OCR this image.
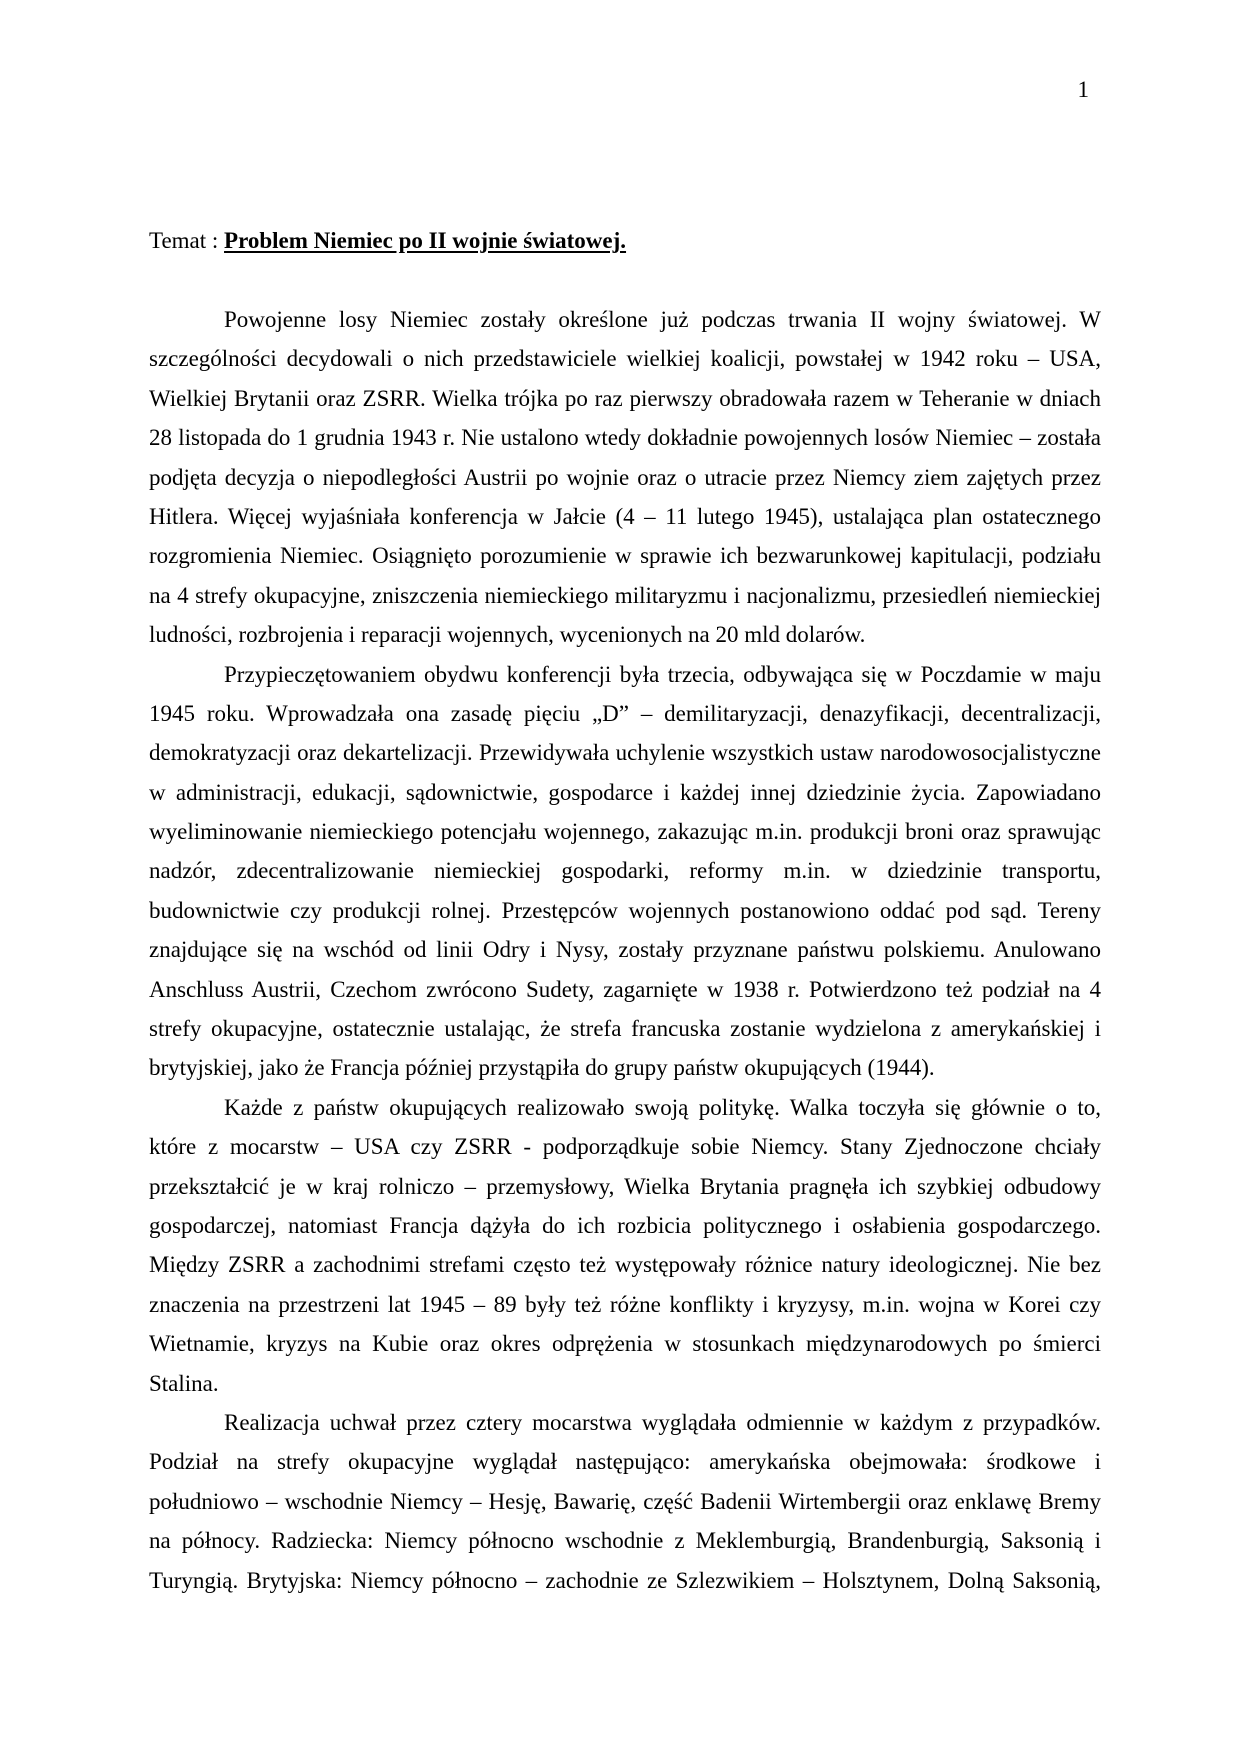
1
Temat : Problem Niemiec po II wojnie światowej.
Powojenne losy Niemiec zostały określone już podczas trwania II wojny światowej. W
szczególności decydowali o nich przedstawiciele wielkiej koalicji, powstałej w 1942 roku – USA,
Wielkiej Brytanii oraz ZSRR. Wielka trójka po raz pierwszy obradowała razem w Teheranie w dniach
28 listopada do 1 grudnia 1943 r. Nie ustalono wtedy dokładnie powojennych losów Niemiec – została
podjęta decyzja o niepodległości Austrii po wojnie oraz o utracie przez Niemcy ziem zajętych przez
Hitlera. Więcej wyjaśniała konferencja w Jałcie (4 – 11 lutego 1945), ustalająca plan ostatecznego
rozgromienia Niemiec. Osiągnięto porozumienie w sprawie ich bezwarunkowej kapitulacji, podziału
na 4 strefy okupacyjne, zniszczenia niemieckiego militaryzmu i nacjonalizmu, przesiedleń niemieckiej
ludności, rozbrojenia i reparacji wojennych, wycenionych na 20 mld dolarów.
Przypieczętowaniem obydwu konferencji była trzecia, odbywająca się w Poczdamie w maju
1945 roku. Wprowadzała ona zasadę pięciu „D” – demilitaryzacji, denazyfikacji, decentralizacji,
demokratyzacji oraz dekartelizacji. Przewidywała uchylenie wszystkich ustaw narodowosocjalistyczne
w administracji, edukacji, sądownictwie, gospodarce i każdej innej dziedzinie życia. Zapowiadano
wyeliminowanie niemieckiego potencjału wojennego, zakazując m.in. produkcji broni oraz sprawując
nadzór, zdecentralizowanie niemieckiej gospodarki, reformy m.in. w dziedzinie transportu,
budownictwie czy produkcji rolnej. Przestępców wojennych postanowiono oddać pod sąd. Tereny
znajdujące się na wschód od linii Odry i Nysy, zostały przyznane państwu polskiemu. Anulowano
Anschluss Austrii, Czechom zwrócono Sudety, zagarnięte w 1938 r. Potwierdzono też podział na 4
strefy okupacyjne, ostatecznie ustalając, że strefa francuska zostanie wydzielona z amerykańskiej i
brytyjskiej, jako że Francja później przystąpiła do grupy państw okupujących (1944).
Każde z państw okupujących realizowało swoją politykę. Walka toczyła się głównie o to,
które z mocarstw – USA czy ZSRR - podporządkuje sobie Niemcy. Stany Zjednoczone chciały
przekształcić je w kraj rolniczo – przemysłowy, Wielka Brytania pragnęła ich szybkiej odbudowy
gospodarczej, natomiast Francja dążyła do ich rozbicia politycznego i osłabienia gospodarczego.
Między ZSRR a zachodnimi strefami często też występowały różnice natury ideologicznej. Nie bez
znaczenia na przestrzeni lat 1945 – 89 były też różne konflikty i kryzysy, m.in. wojna w Korei czy
Wietnamie, kryzys na Kubie oraz okres odprężenia w stosunkach międzynarodowych po śmierci
Stalina.
Realizacja uchwał przez cztery mocarstwa wyglądała odmiennie w każdym z przypadków.
Podział na strefy okupacyjne wyglądał następująco: amerykańska obejmowała: środkowe i
południowo – wschodnie Niemcy – Hesję, Bawarię, część Badenii Wirtembergii oraz enklawę Bremy
na północy. Radziecka: Niemcy północno wschodnie z Meklemburgią, Brandenburgią, Saksonią i
Turyngią. Brytyjska: Niemcy północno – zachodnie ze Szlezwikiem – Holsztynem, Dolną Saksonią,
